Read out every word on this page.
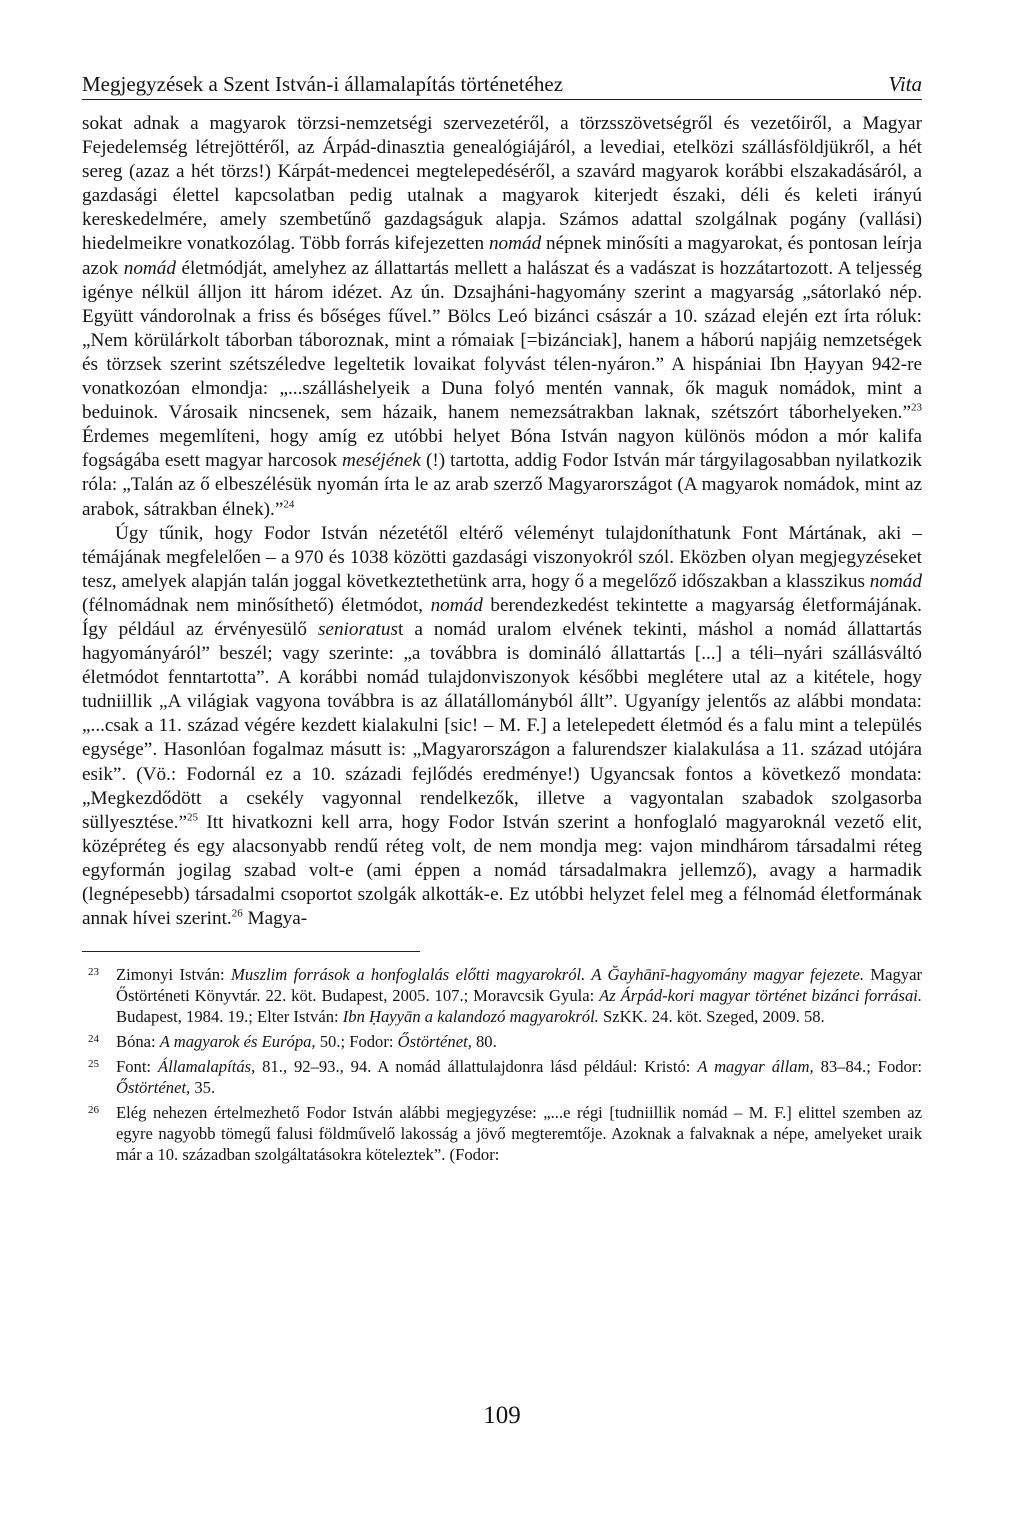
Megjegyzések a Szent István-i államalapítás történetéhez	Vita

sokat adnak a magyarok törzsi-nemzetségi szervezetéről, a törzsszövetségről és vezetőiről, a Magyar Fejedelemség létrejöttéről, az Árpád-dinasztia genealógiájáról, a levediai, etelközi szállásföldjükről, a hét sereg (azaz a hét törzs!) Kárpát-medencei megtelepedéséről, a szavárd magyarok korábbi elszakadásáról, a gazdasági élettel kapcsolatban pedig utalnak a magyarok kiterjedt északi, déli és keleti irányú kereskedelmére, amely szembetűnő gazdagságuk alapja. Számos adattal szolgálnak pogány (vallási) hiedelmeikre vonatkozólag. Több forrás kifejezetten nomád népnek minősíti a magyarokat, és pontosan leírja azok nomád életmódját, amelyhez az állattartás mellett a halászat és a vadászat is hozzátartozott. A teljesség igénye nélkül álljon itt három idézet. Az ún. Dzsajháni-hagyomány szerint a magyarság „sátorlakó nép. Együtt vándorolnak a friss és bőséges fűvel.” Bölcs Leó bizánci császár a 10. század elején ezt írta róluk: „Nem körülárkolt táborban táboroznak, mint a rómaiak [=bizánciak], hanem a háború napjáig nemzetségek és törzsek szerint szétszéledve legeltetik lovaikat folyvást télen-nyáron.” A hispániai Ibn Ḥayyan 942-re vonatkozóan elmondja: „...szálláshelyeik a Duna folyó mentén vannak, ők maguk nomádok, mint a beduinok. Városaik nincsenek, sem házaik, hanem nemezsátrakban laknak, szétszórt táborhelyeken.”$^{23}$ Érdemes megemlíteni, hogy amíg ez utóbbi helyet Bóna István nagyon különös módon a mór kalifa fogságába esett magyar harcosok meséjének (!) tartotta, addig Fodor István már tárgyilagosabban nyilatkozik róla: „Talán az ő elbeszélésük nyomán írta le az arab szerző Magyarországot (A magyarok nomádok, mint az arabok, sátrakban élnek).”$^{24}$

Úgy tűnik, hogy Fodor István nézetétől eltérő véleményt tulajdoníthatunk Font Mártának, aki – témájának megfelelően – a 970 és 1038 közötti gazdasági viszonyokról szól. Eközben olyan megjegyzéseket tesz, amelyek alapján talán joggal következtethetünk arra, hogy ő a megelőző időszakban a klasszikus nomád (félnomádnak nem minősíthető) életmódot, nomád berendezkedést tekintette a magyarság életformájának. Így például az érvényesülő senioratust a nomád uralom elvének tekinti, máshol a nomád állattartás hagyományáról” beszél; vagy szerinte: „a továbbra is domináló állattartás [...] a téli–nyári szállásváltó életmódot fenntartotta”. A korábbi nomád tulajdonviszonyok későbbi meglétere utal az a kitétele, hogy tudniillik „A világiak vagyona továbbra is az állatállományból állt”. Ugyanígy jelentős az alábbi mondata: „...csak a 11. század végére kezdett kialakulni [sic! – M. F.] a letelepedett életmód és a falu mint a település egysége”. Hasonlóan fogalmaz másutt is: „Magyarországon a falurendszer kialakulása a 11. század utójára esik”. (Vö.: Fodornál ez a 10. századi fejlődés eredménye!) Ugyancsak fontos a következő mondata: „Megkezdődött a csekély vagyonnal rendelkezők, illetve a vagyontalan szabadok szolgasorba süllyesztése.”$^{25}$ Itt hivatkozni kell arra, hogy Fodor István szerint a honfoglaló magyaroknál vezető elit, középréteg és egy alacsonyabb rendű réteg volt, de nem mondja meg: vajon mindhárom társadalmi réteg egyformán jogilag szabad volt-e (ami éppen a nomád társadalmakra jellemző), avagy a harmadik (legnépesebb) társadalmi csoportot szolgák alkották-e. Ez utóbbi helyzet felel meg a félnomád életformának annak hívei szerint.$^{26}$ Magya-

23 Zimonyi István: Muszlim források a honfoglalás előtti magyarokról. A Ğayhānī-hagyomány magyar fejezete. Magyar Őstörténeti Könyvtár. 22. köt. Budapest, 2005. 107.; Moravcsik Gyula: Az Árpád-kori magyar történet bizánci forrásai. Budapest, 1984. 19.; Elter István: Ibn Ḥayyān a kalandozó magyarokról. SzKK. 24. köt. Szeged, 2009. 58.
24 Bóna: A magyarok és Európa, 50.; Fodor: Őstörténet, 80.
25 Font: Államalapítás, 81., 92–93., 94. A nomád állattulajdonra lásd például: Kristó: A magyar állam, 83–84.; Fodor: Őstörténet, 35.
26 Elég nehezen értelmezhető Fodor István alábbi megjegyzése: „...e régi [tudniillik nomád – M. F.] elittel szemben az egyre nagyobb tömegű falusi földművelő lakosság a jövő megteremtője. Azoknak a falvaknak a népe, amelyeket uraik már a 10. században szolgáltatásokra köteleztek”. (Fodor:
109
